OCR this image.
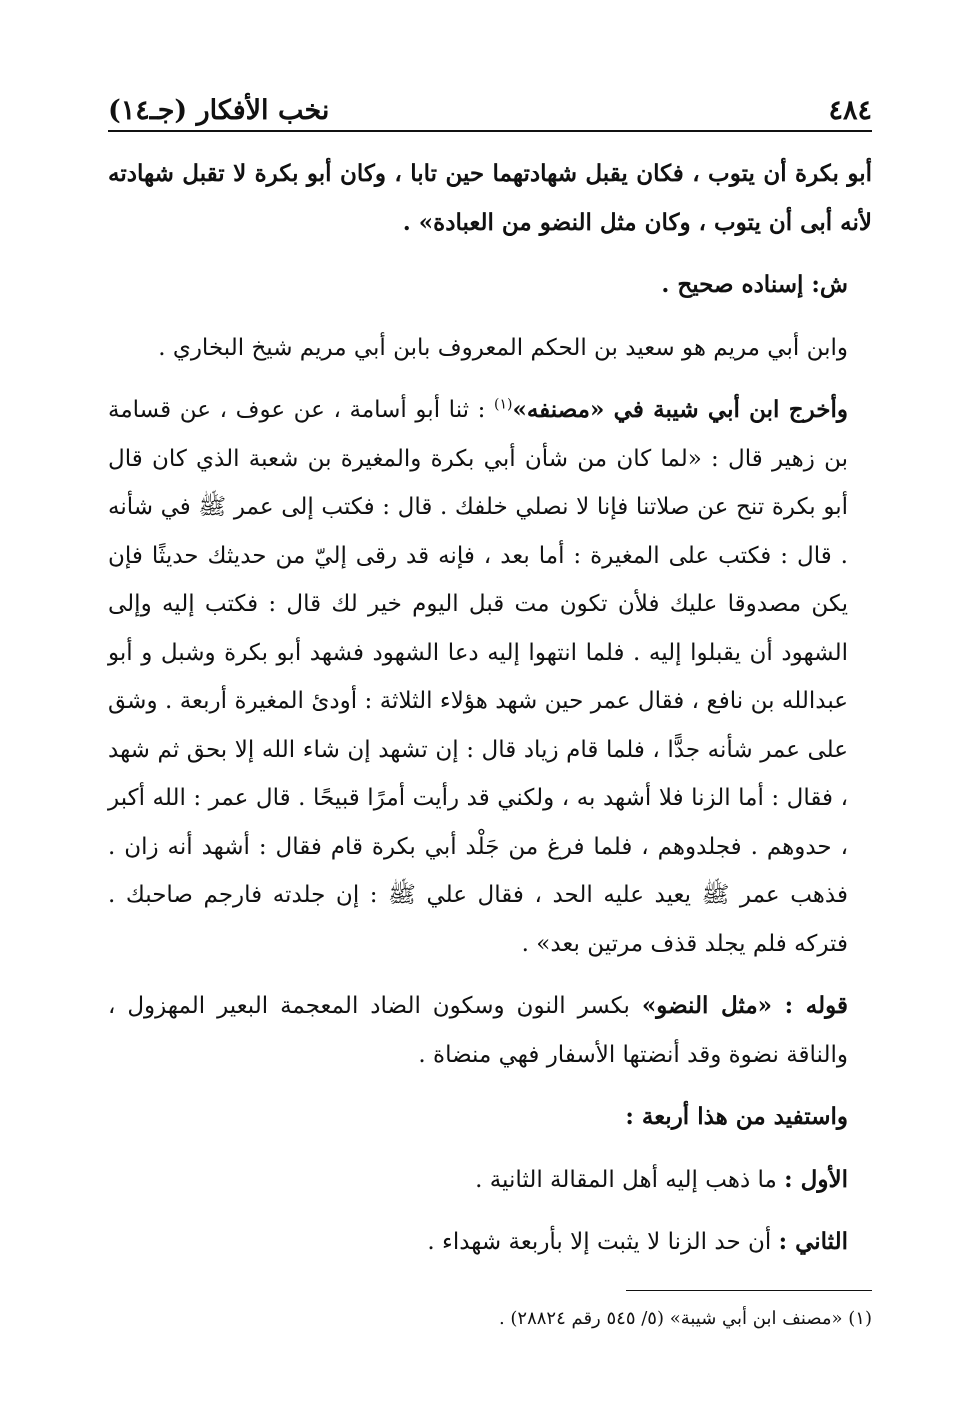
٤٨٤
نخب الأفكار (جـ١٤)

أبو بكرة أن يتوب ، فكان يقبل شهادتهما حين تابا ، وكان أبو بكرة لا تقبل شهادته لأنه أبى أن يتوب ، وكان مثل النضو من العبادة» .

ش: إسناده صحيح .

وابن أبي مريم هو سعيد بن الحكم المعروف بابن أبي مريم شيخ البخاري .

وأخرج ابن أبي شيبة في «مصنفه»$^{(١)}$ : ثنا أبو أسامة ، عن عوف ، عن قسامة بن زهير قال : «لما كان من شأن أبي بكرة والمغيرة بن شعبة الذي كان قال أبو بكرة تنح عن صلاتنا فإنا لا نصلي خلفك . قال : فكتب إلى عمر ﷺ في شأنه . قال : فكتب على المغيرة : أما بعد ، فإنه قد رقى إليّ من حديثك حديثًا فإن يكن مصدوقا عليك فلأن تكون مت قبل اليوم خير لك قال : فكتب إليه وإلى الشهود أن يقبلوا إليه . فلما انتهوا إليه دعا الشهود فشهد أبو بكرة وشبل و أبو عبدالله بن نافع ، فقال عمر حين شهد هؤلاء الثلاثة : أودئ المغيرة أربعة . وشق على عمر شأنه جدًّا ، فلما قام زياد قال : إن تشهد إن شاء الله إلا بحق ثم شهد ، فقال : أما الزنا فلا أشهد به ، ولكني قد رأيت أمرًا قبيحًا . قال عمر : الله أكبر ، حدوهم . فجلدوهم ، فلما فرغ من جَلْد أبي بكرة قام فقال : أشهد أنه زان . فذهب عمر ﷺ يعيد عليه الحد ، فقال علي ﷺ : إن جلدته فارجم صاحبك . فتركه فلم يجلد قذف مرتين بعد» .

قوله : «مثل النضو» بكسر النون وسكون الضاد المعجمة البعير المهزول ، والناقة نضوة وقد أنضتها الأسفار فهي منضاة .

واستفيد من هذا أربعة :

الأول : ما ذهب إليه أهل المقالة الثانية .

الثاني : أن حد الزنا لا يثبت إلا بأربعة شهداء .

(١) «مصنف ابن أبي شيبة» (٥/ ٥٤٥ رقم ٢٨٨٢٤) .
